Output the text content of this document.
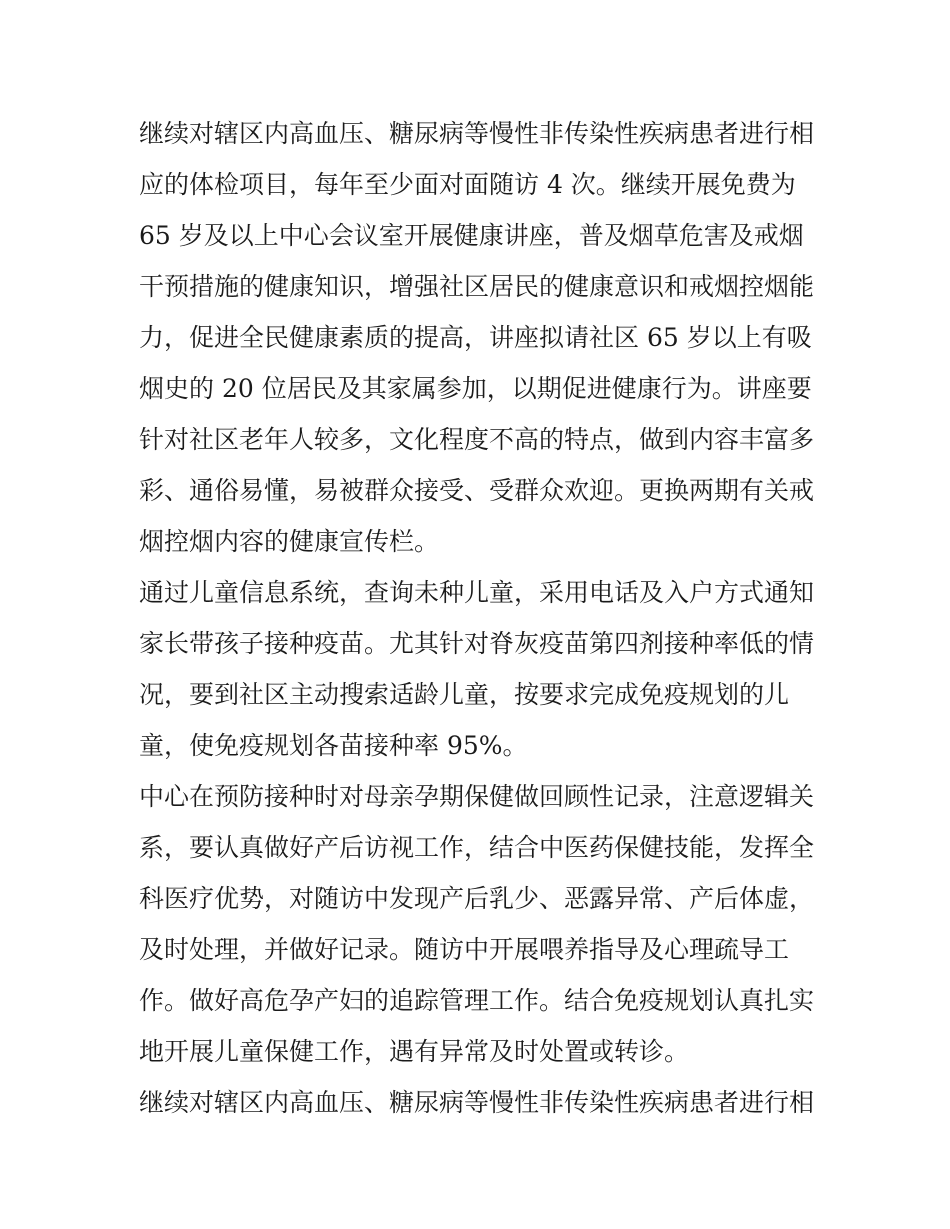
继续对辖区内高血压、糖尿病等慢性非传染性疾病患者进行相
应的体检项目，每年至少面对面随访 4 次。继续开展免费为
65 岁及以上中心会议室开展健康讲座，普及烟草危害及戒烟
干预措施的健康知识，增强社区居民的健康意识和戒烟控烟能
力，促进全民健康素质的提高，讲座拟请社区 65 岁以上有吸
烟史的 20 位居民及其家属参加，以期促进健康行为。讲座要
针对社区老年人较多，文化程度不高的特点，做到内容丰富多
彩、通俗易懂，易被群众接受、受群众欢迎。更换两期有关戒
烟控烟内容的健康宣传栏。
通过儿童信息系统，查询未种儿童，采用电话及入户方式通知
家长带孩子接种疫苗。尤其针对脊灰疫苗第四剂接种率低的情
况，要到社区主动搜索适龄儿童，按要求完成免疫规划的儿
童，使免疫规划各苗接种率 95%。
中心在预防接种时对母亲孕期保健做回顾性记录，注意逻辑关
系，要认真做好产后访视工作，结合中医药保健技能，发挥全
科医疗优势，对随访中发现产后乳少、恶露异常、产后体虚，
及时处理，并做好记录。随访中开展喂养指导及心理疏导工
作。做好高危孕产妇的追踪管理工作。结合免疫规划认真扎实
地开展儿童保健工作，遇有异常及时处置或转诊。
继续对辖区内高血压、糖尿病等慢性非传染性疾病患者进行相
